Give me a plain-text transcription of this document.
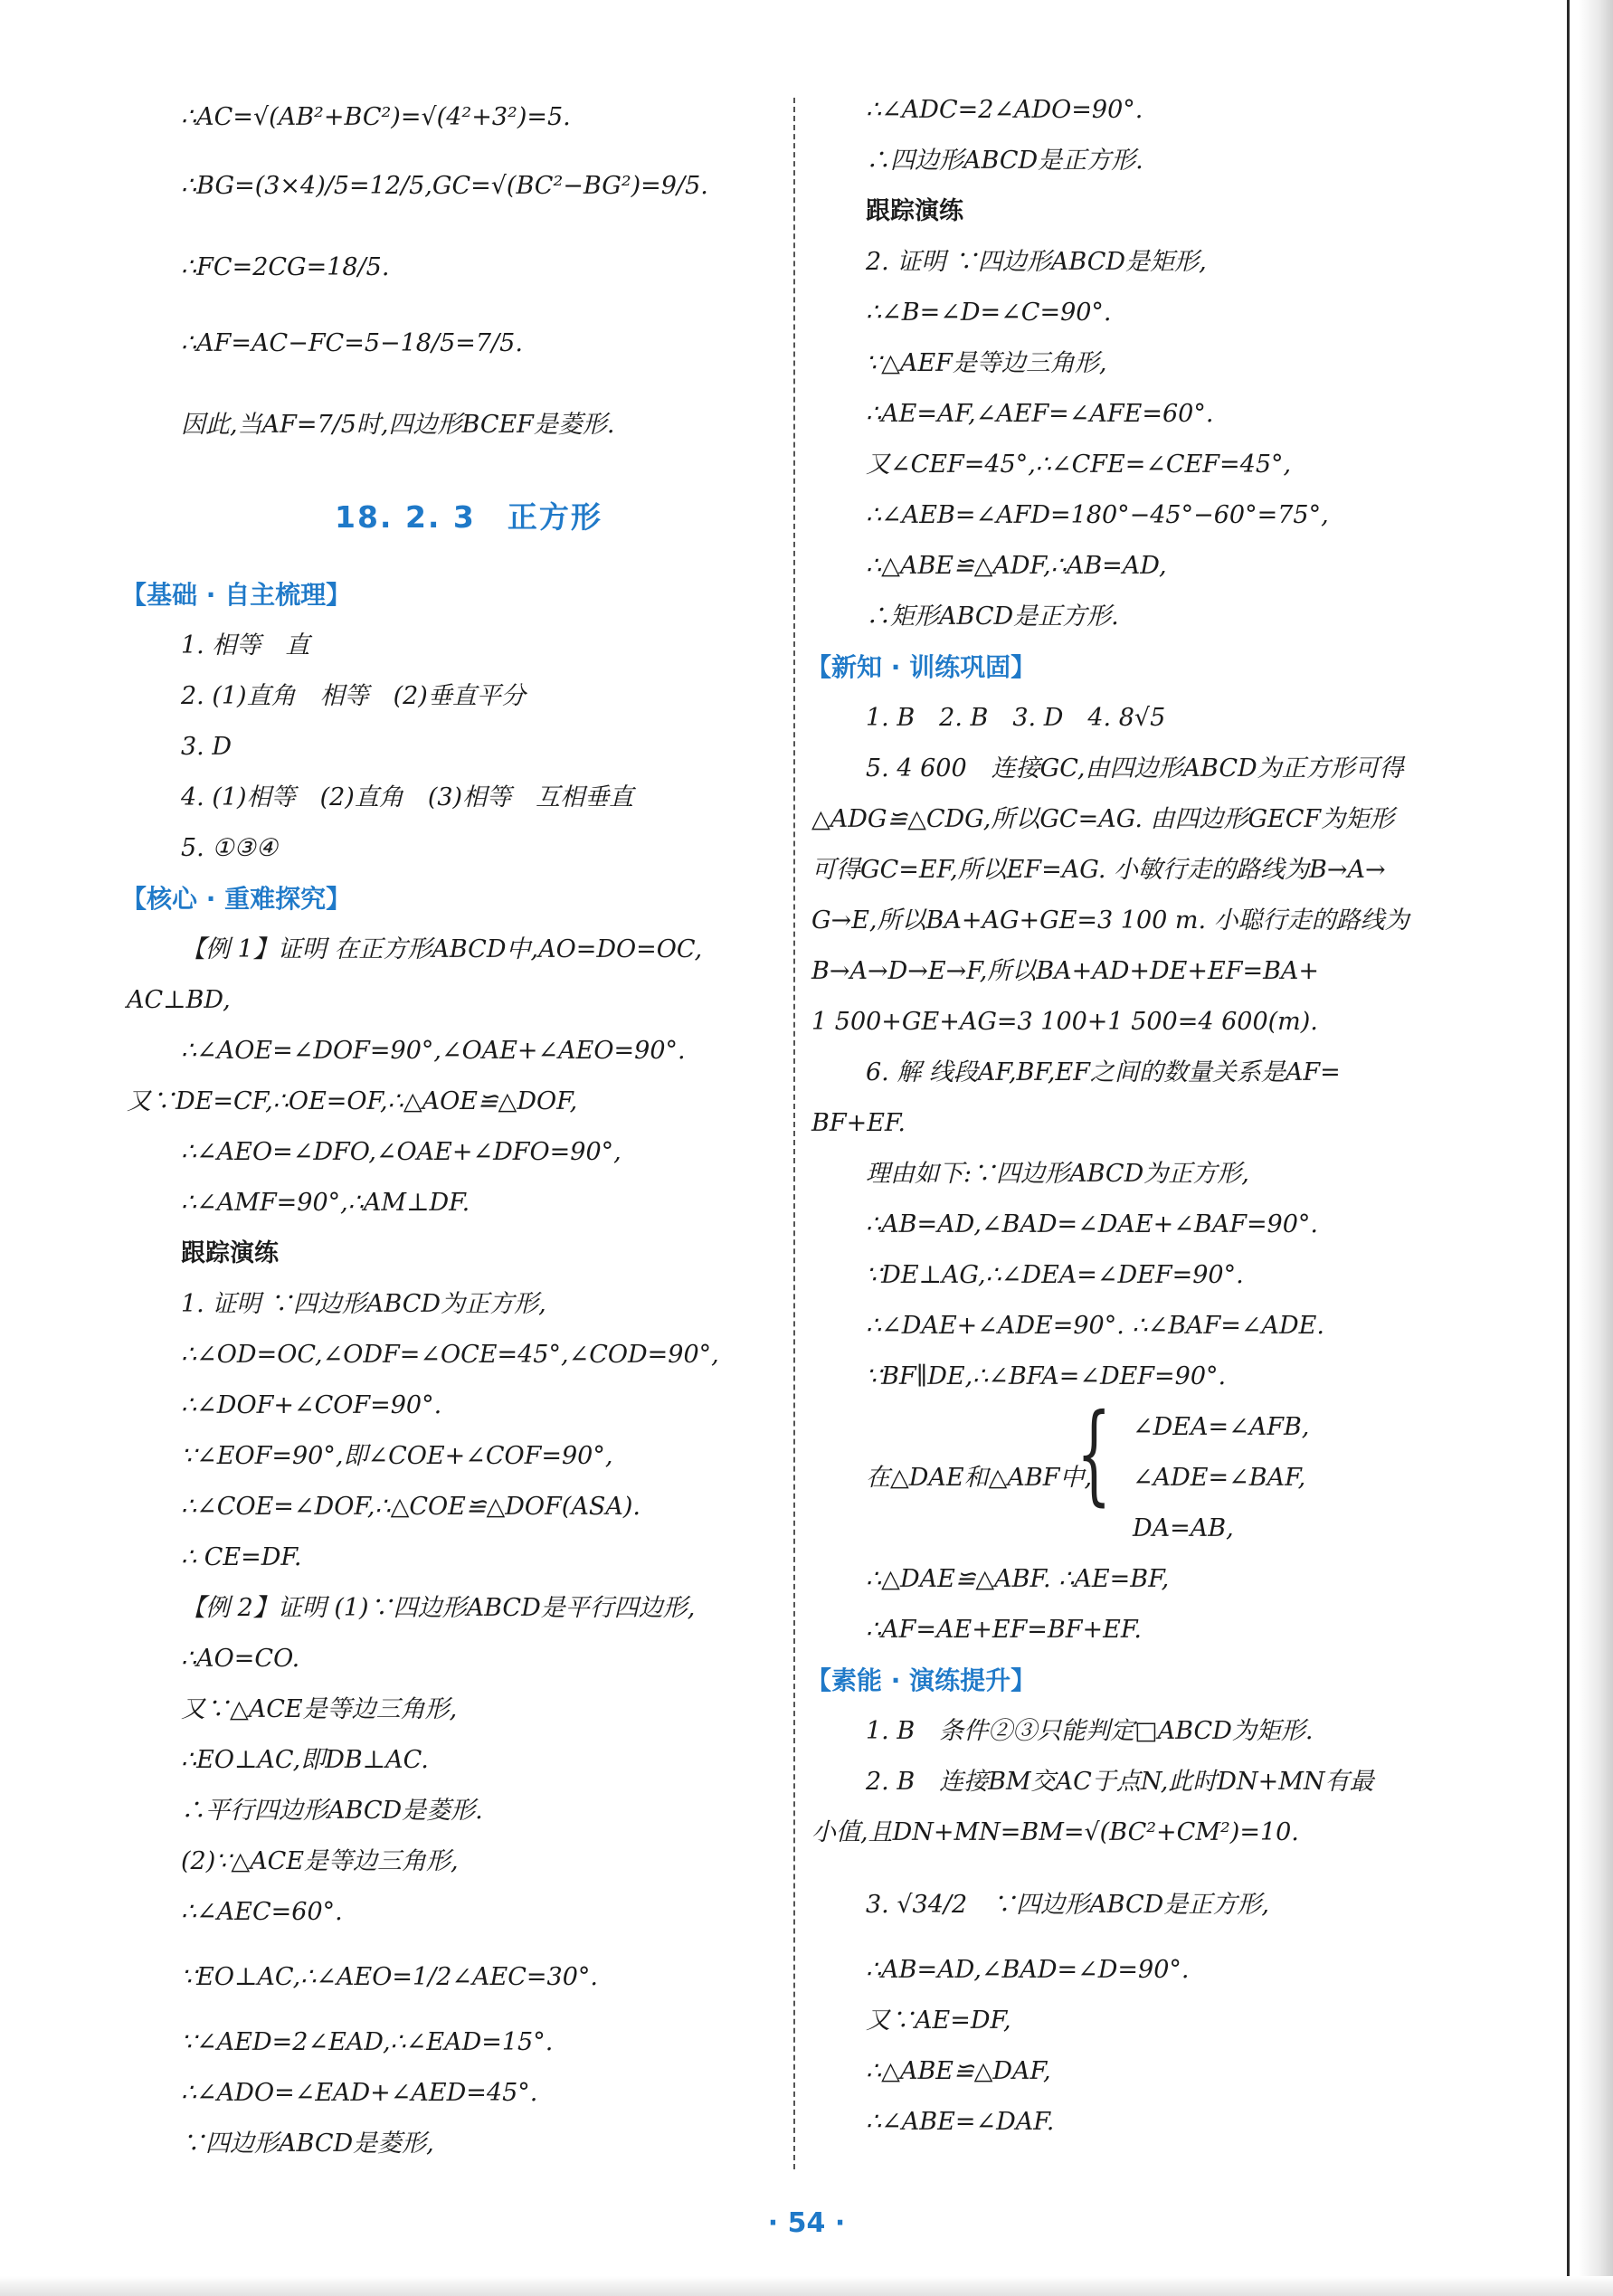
∴AC=√(AB²+BC²)=√(4²+3²)=5.
∴BG=(3×4)/5=12/5,GC=√(BC²−BG²)=9/5.
∴FC=2CG=18/5.
∴AF=AC−FC=5−18/5=7/5.
因此,当AF=7/5时,四边形BCEF是菱形.
18. 2. 3　正方形
【基础 · 自主梳理】
1. 相等　直
2. (1)直角　相等　(2)垂直平分
3. D
4. (1)相等　(2)直角　(3)相等　互相垂直
5. ①③④
【核心 · 重难探究】
【例 1】证明 在正方形ABCD中,AO=DO=OC,
AC⊥BD,
∴∠AOE=∠DOF=90°,∠OAE+∠AEO=90°.
又∵DE=CF,∴OE=OF,∴△AOE≌△DOF,
∴∠AEO=∠DFO,∠OAE+∠DFO=90°,
∴∠AMF=90°,∴AM⊥DF.
跟踪演练
1. 证明 ∵四边形ABCD为正方形,
∴∠OD=OC,∠ODF=∠OCE=45°,∠COD=90°,
∴∠DOF+∠COF=90°.
∵∠EOF=90°,即∠COE+∠COF=90°,
∴∠COE=∠DOF,∴△COE≌△DOF(ASA).
∴ CE=DF.
【例 2】证明 (1)∵四边形ABCD是平行四边形,
∴AO=CO.
又∵△ACE是等边三角形,
∴EO⊥AC,即DB⊥AC.
∴平行四边形ABCD是菱形.
(2)∵△ACE是等边三角形,
∴∠AEC=60°.
∵EO⊥AC,∴∠AEO=1/2∠AEC=30°.
∵∠AED=2∠EAD,∴∠EAD=15°.
∴∠ADO=∠EAD+∠AED=45°.
∵四边形ABCD是菱形,
∴∠ADC=2∠ADO=90°.
∴四边形ABCD是正方形.
跟踪演练
2. 证明 ∵四边形ABCD是矩形,
∴∠B=∠D=∠C=90°.
∵△AEF是等边三角形,
∴AE=AF,∠AEF=∠AFE=60°.
又∠CEF=45°,∴∠CFE=∠CEF=45°,
∴∠AEB=∠AFD=180°−45°−60°=75°,
∴△ABE≌△ADF,∴AB=AD,
∴矩形ABCD是正方形.
【新知 · 训练巩固】
1. B　2. B　3. D　4. 8√5
5. 4 600　连接GC,由四边形ABCD为正方形可得
△ADG≌△CDG,所以GC=AG. 由四边形GECF为矩形
可得GC=EF,所以EF=AG. 小敏行走的路线为B→A→
G→E,所以BA+AG+GE=3 100 m. 小聪行走的路线为
B→A→D→E→F,所以BA+AD+DE+EF=BA+
1 500+GE+AG=3 100+1 500=4 600(m).
6. 解 线段AF,BF,EF之间的数量关系是AF=
BF+EF.
理由如下:∵四边形ABCD为正方形,
∴AB=AD,∠BAD=∠DAE+∠BAF=90°.
∵DE⊥AG,∴∠DEA=∠DEF=90°.
∴∠DAE+∠ADE=90°. ∴∠BAF=∠ADE.
∵BF∥DE,∴∠BFA=∠DEF=90°.
在△DAE和△ABF中,
{ ∠DEA=∠AFB,
∠ADE=∠BAF,
DA=AB,
∴△DAE≌△ABF. ∴AE=BF,
∴AF=AE+EF=BF+EF.
【素能 · 演练提升】
1. B　条件②③只能判定□ABCD为矩形.
2. B　连接BM交AC于点N,此时DN+MN有最
小值,且DN+MN=BM=√(BC²+CM²)=10.
3. √34/2　∵四边形ABCD是正方形,
∴AB=AD,∠BAD=∠D=90°.
又∵AE=DF,
∴△ABE≌△DAF,
∴∠ABE=∠DAF.
· 54 ·
